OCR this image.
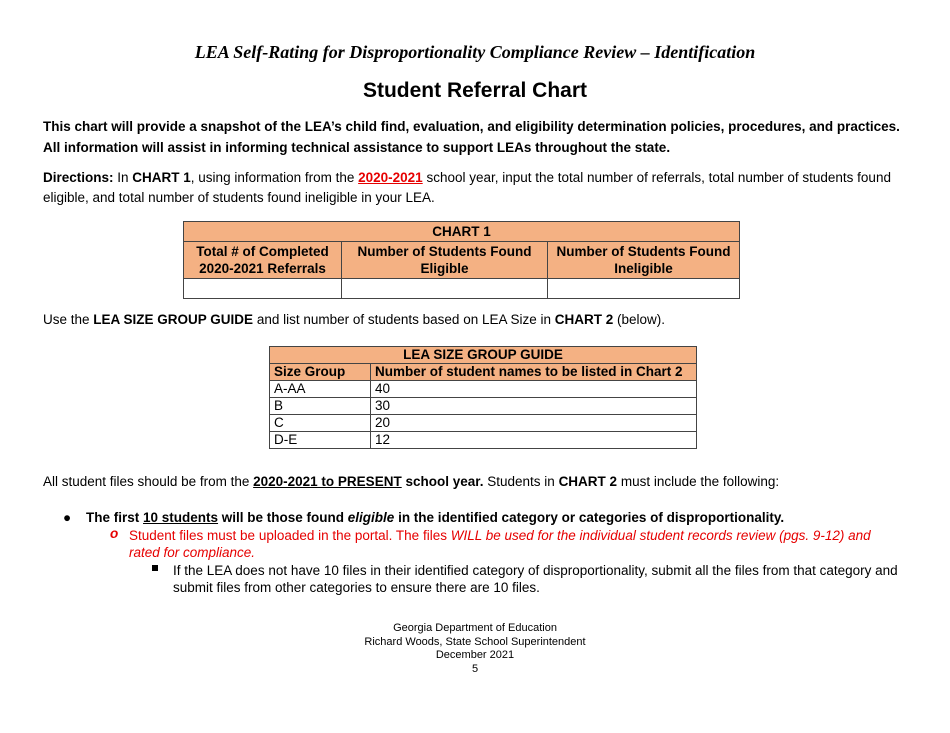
LEA Self-Rating for Disproportionality Compliance Review – Identification
Student Referral Chart
This chart will provide a snapshot of the LEA’s child find, evaluation, and eligibility determination policies, procedures, and practices. All information will assist in informing technical assistance to support LEAs throughout the state.
Directions: In CHART 1, using information from the 2020-2021 school year, input the total number of referrals, total number of students found eligible, and total number of students found ineligible in your LEA.
CHART 1		
Total # of Completed 2020-2021 Referrals	Number of Students Found Eligible	Number of Students Found Ineligible

Use the LEA SIZE GROUP GUIDE and list number of students based on LEA Size in CHART 2 (below).
LEA SIZE GROUP GUIDE	
Size Group	Number of student names to be listed in Chart 2
A-AA	40
B	30
C	20
D-E	12
All student files should be from the 2020-2021 to PRESENT school year. Students in CHART 2 must include the following:
● The first 10 students will be those found eligible in the identified category or categories of disproportionality.
o Student files must be uploaded in the portal. The files WILL be used for the individual student records review (pgs. 9-12) and rated for compliance.
If the LEA does not have 10 files in their identified category of disproportionality, submit all the files from that category and submit files from other categories to ensure there are 10 files.
Georgia Department of Education
Richard Woods, State School Superintendent
December 2021
5
